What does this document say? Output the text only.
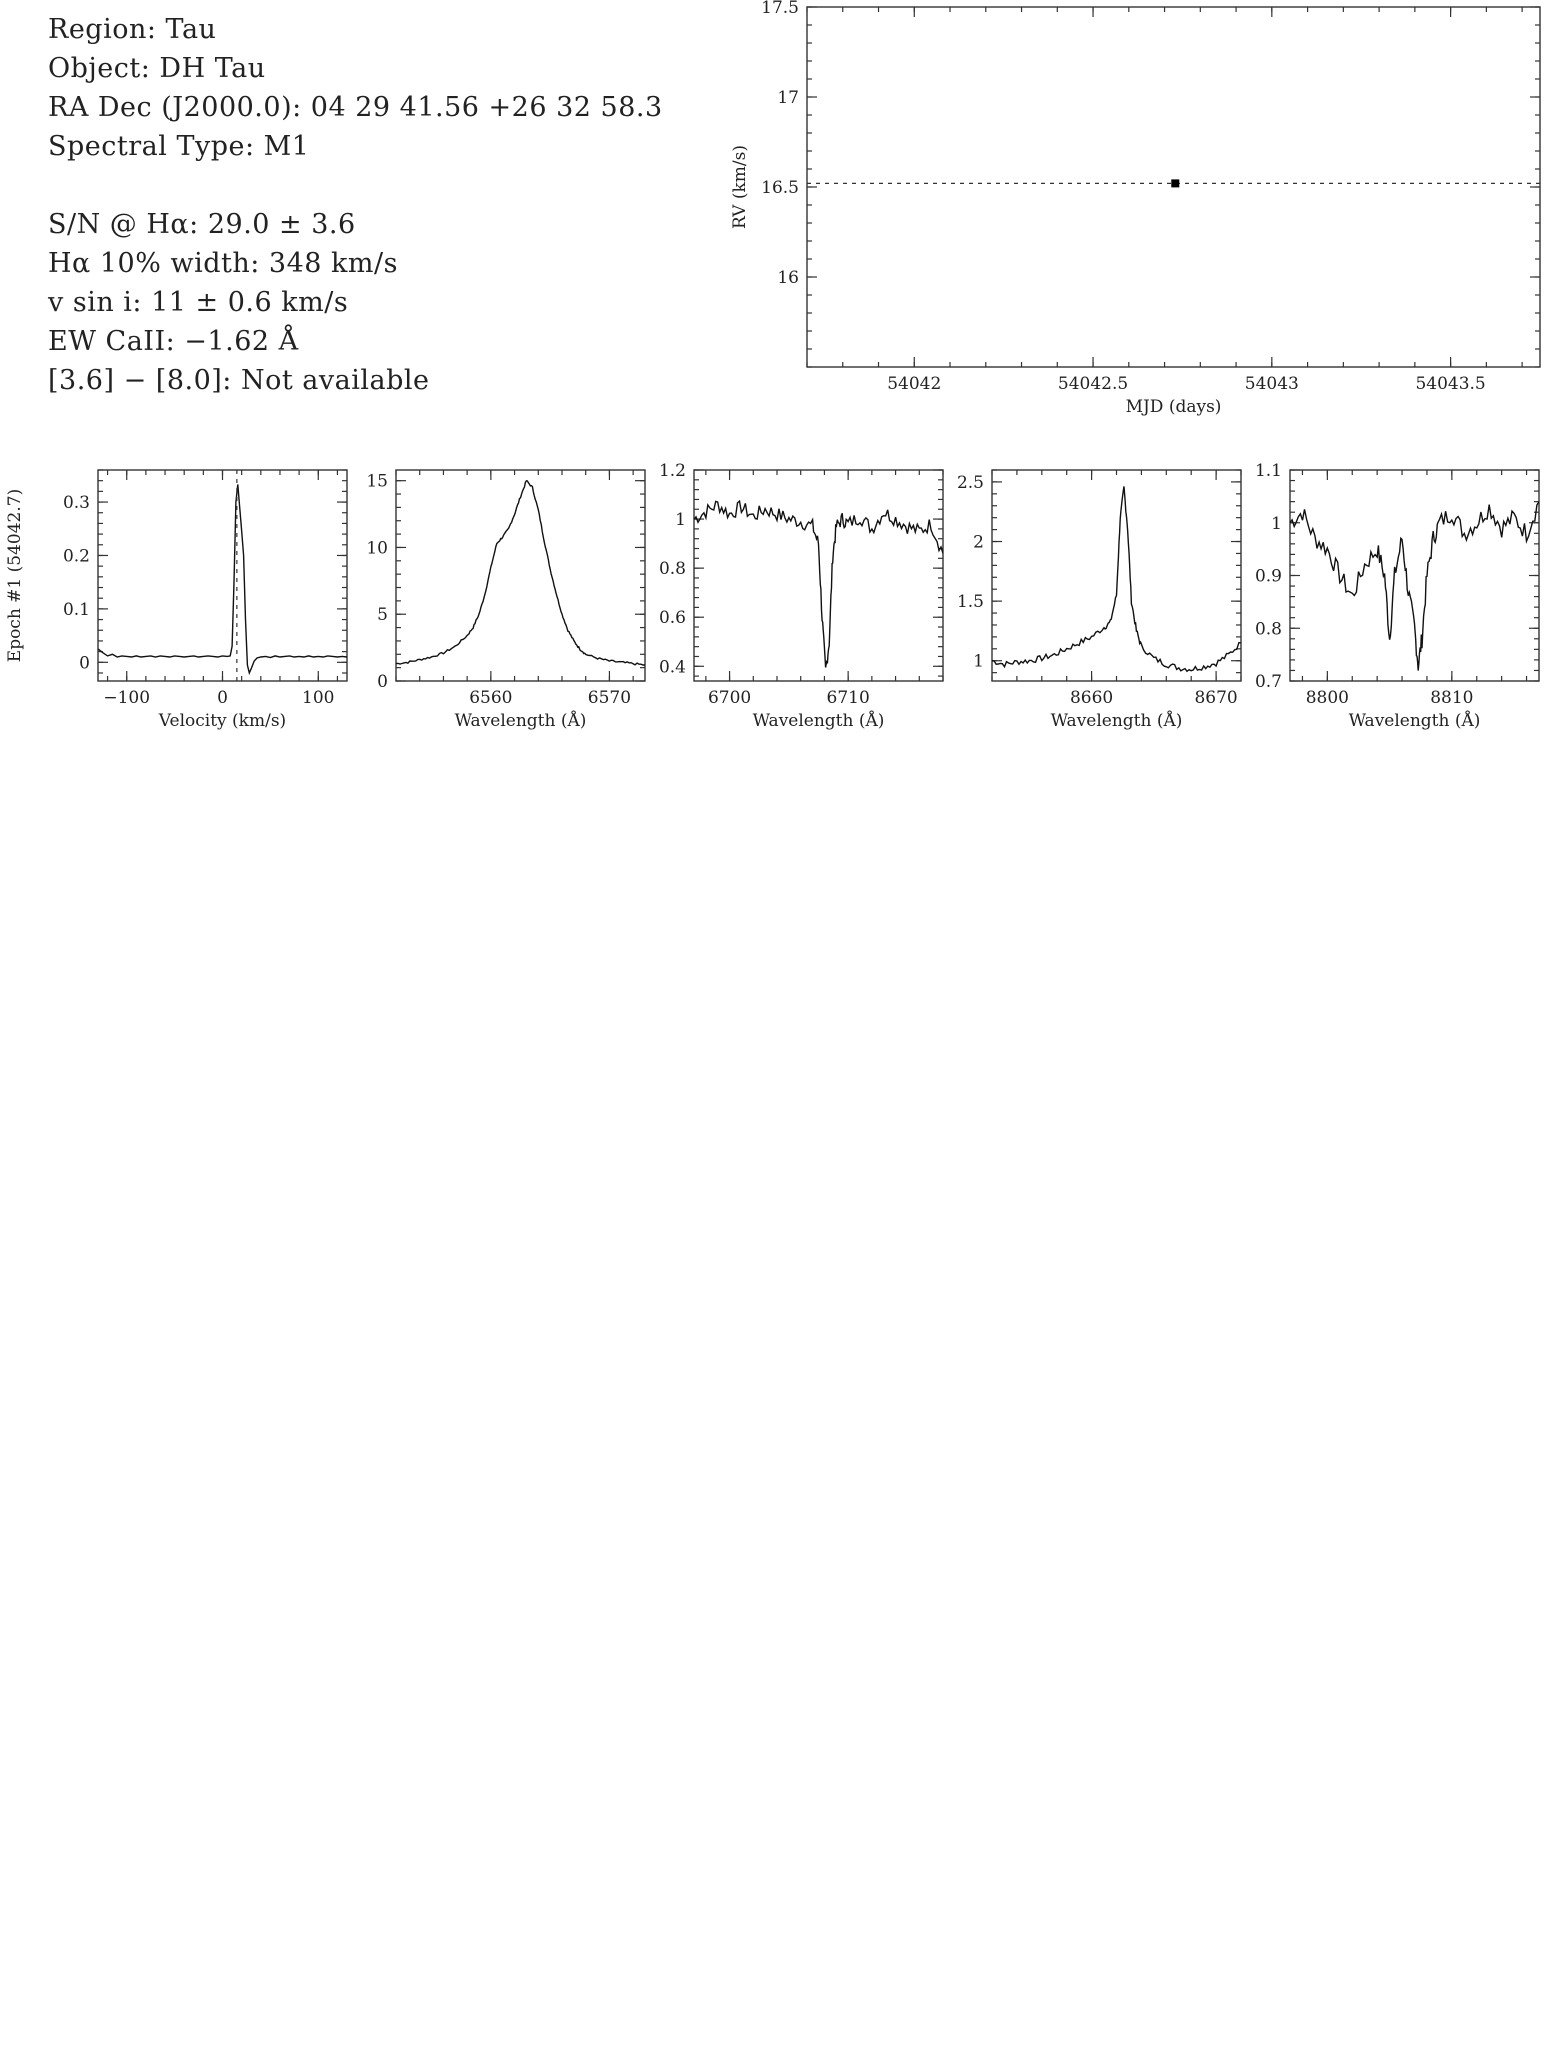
Region: Tau
Object: DH Tau
RA Dec (J2000.0): 04 29 41.56 +26 32 58.3
Spectral Type: M1
S/N @ Hα: 29.0 ± 3.6
Hα 10% width: 348 km/s
v sin i: 11 ± 0.6 km/s
EW CaII: −1.62 Å
[3.6] − [8.0]: Not available	54042	54042.5	54043	54043.5
16
16.5
17
17.5
MJD (days)
RV (km/s)
−100	0	100
0
0.1
0.2
0.3
Velocity (km/s)
Epoch #1 (54042.7)
6560	6570
0
5
10
15
Wavelength (Å)
6700	6710
0.4
0.6
0.8
1
1.2
Wavelength (Å)
8660	8670
1
1.5
2
2.5
Wavelength (Å)
8800	8810
0.7
0.8
0.9
1
1.1
Wavelength (Å)
